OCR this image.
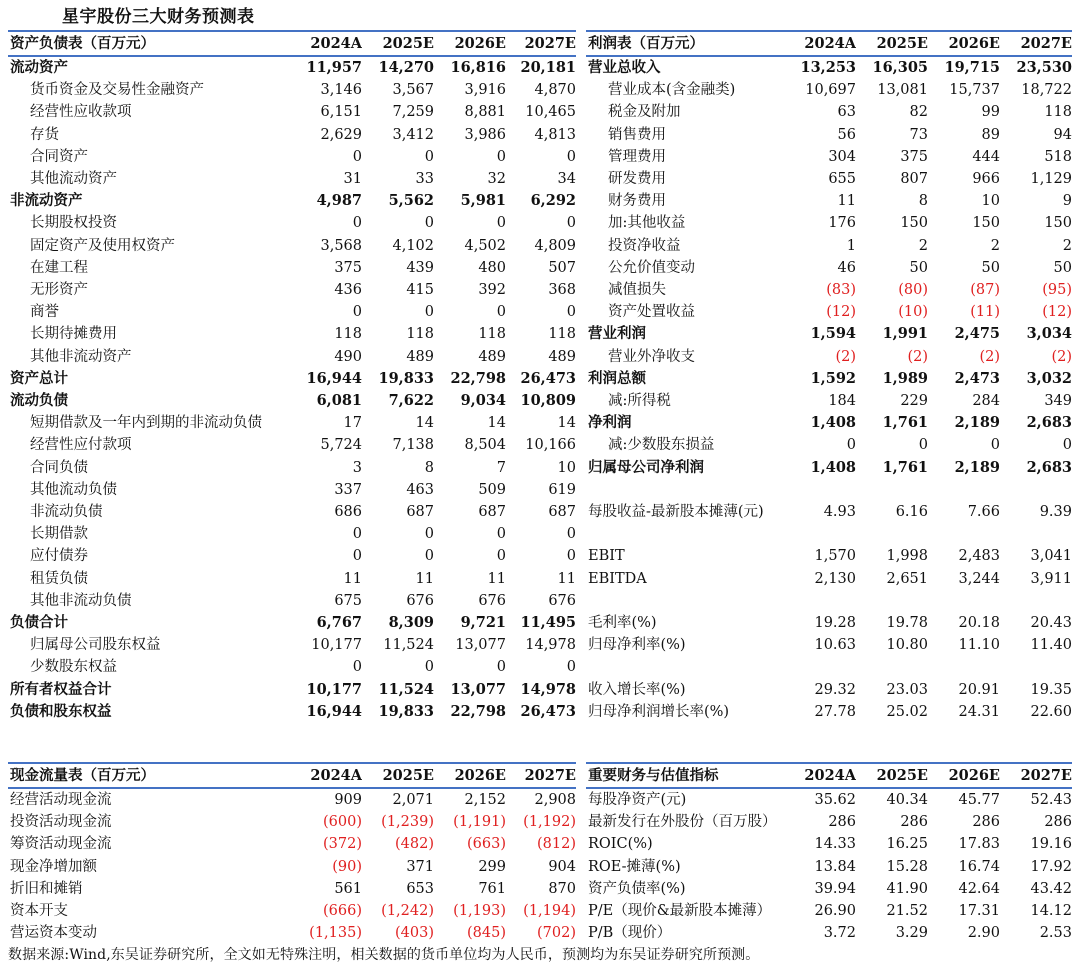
星宇股份三大财务预测表
资产负债表（百万元）	2024A	2025E	2026E	2027E
流动资产	11,957	14,270	16,816	20,181
货币资金及交易性金融资产	3,146	3,567	3,916	4,870
经营性应收款项	6,151	7,259	8,881	10,465
存货	2,629	3,412	3,986	4,813
合同资产	0	0	0	0
其他流动资产	31	33	32	34
非流动资产	4,987	5,562	5,981	6,292
长期股权投资	0	0	0	0
固定资产及使用权资产	3,568	4,102	4,502	4,809
在建工程	375	439	480	507
无形资产	436	415	392	368
商誉	0	0	0	0
长期待摊费用	118	118	118	118
其他非流动资产	490	489	489	489
资产总计	16,944	19,833	22,798	26,473
流动负债	6,081	7,622	9,034	10,809
短期借款及一年内到期的非流动负债	17	14	14	14
经营性应付款项	5,724	7,138	8,504	10,166
合同负债	3	8	7	10
其他流动负债	337	463	509	619
非流动负债	686	687	687	687
长期借款	0	0	0	0
应付债券	0	0	0	0
租赁负债	11	11	11	11
其他非流动负债	675	676	676	676
负债合计	6,767	8,309	9,721	11,495
归属母公司股东权益	10,177	11,524	13,077	14,978
少数股东权益	0	0	0	0
所有者权益合计	10,177	11,524	13,077	14,978
负债和股东权益	16,944	19,833	22,798	26,473
利润表（百万元）	2024A	2025E	2026E	2027E
营业总收入	13,253	16,305	19,715	23,530
营业成本(含金融类)	10,697	13,081	15,737	18,722
税金及附加	63	82	99	118
销售费用	56	73	89	94
管理费用	304	375	444	518
研发费用	655	807	966	1,129
财务费用	11	8	10	9
加:其他收益	176	150	150	150
投资净收益	1	2	2	2
公允价值变动	46	50	50	50
减值损失	(83)	(80)	(87)	(95)
资产处置收益	(12)	(10)	(11)	(12)
营业利润	1,594	1,991	2,475	3,034
营业外净收支	(2)	(2)	(2)	(2)
利润总额	1,592	1,989	2,473	3,032
减:所得税	184	229	284	349
净利润	1,408	1,761	2,189	2,683
减:少数股东损益	0	0	0	0
归属母公司净利润	1,408	1,761	2,189	2,683

每股收益-最新股本摊薄(元)	4.93	6.16	7.66	9.39

EBIT	1,570	1,998	2,483	3,041
EBITDA	2,130	2,651	3,244	3,911

毛利率(%)	19.28	19.78	20.18	20.43
归母净利率(%)	10.63	10.80	11.10	11.40

收入增长率(%)	29.32	23.03	20.91	19.35
归母净利润增长率(%)	27.78	25.02	24.31	22.60
现金流量表（百万元）	2024A	2025E	2026E	2027E
经营活动现金流	909	2,071	2,152	2,908
投资活动现金流	(600)	(1,239)	(1,191)	(1,192)
筹资活动现金流	(372)	(482)	(663)	(812)
现金净增加额	(90)	371	299	904
折旧和摊销	561	653	761	870
资本开支	(666)	(1,242)	(1,193)	(1,194)
营运资本变动	(1,135)	(403)	(845)	(702)
重要财务与估值指标	2024A	2025E	2026E	2027E
每股净资产(元)	35.62	40.34	45.77	52.43
最新发行在外股份（百万股）	286	286	286	286
ROIC(%)	14.33	16.25	17.83	19.16
ROE-摊薄(%)	13.84	15.28	16.74	17.92
资产负债率(%)	39.94	41.90	42.64	43.42
P/E（现价&最新股本摊薄）	26.90	21.52	17.31	14.12
P/B（现价）	3.72	3.29	2.90	2.53
数据来源:Wind,东吴证券研究所，全文如无特殊注明，相关数据的货币单位均为人民币，预测均为东吴证券研究所预测。
